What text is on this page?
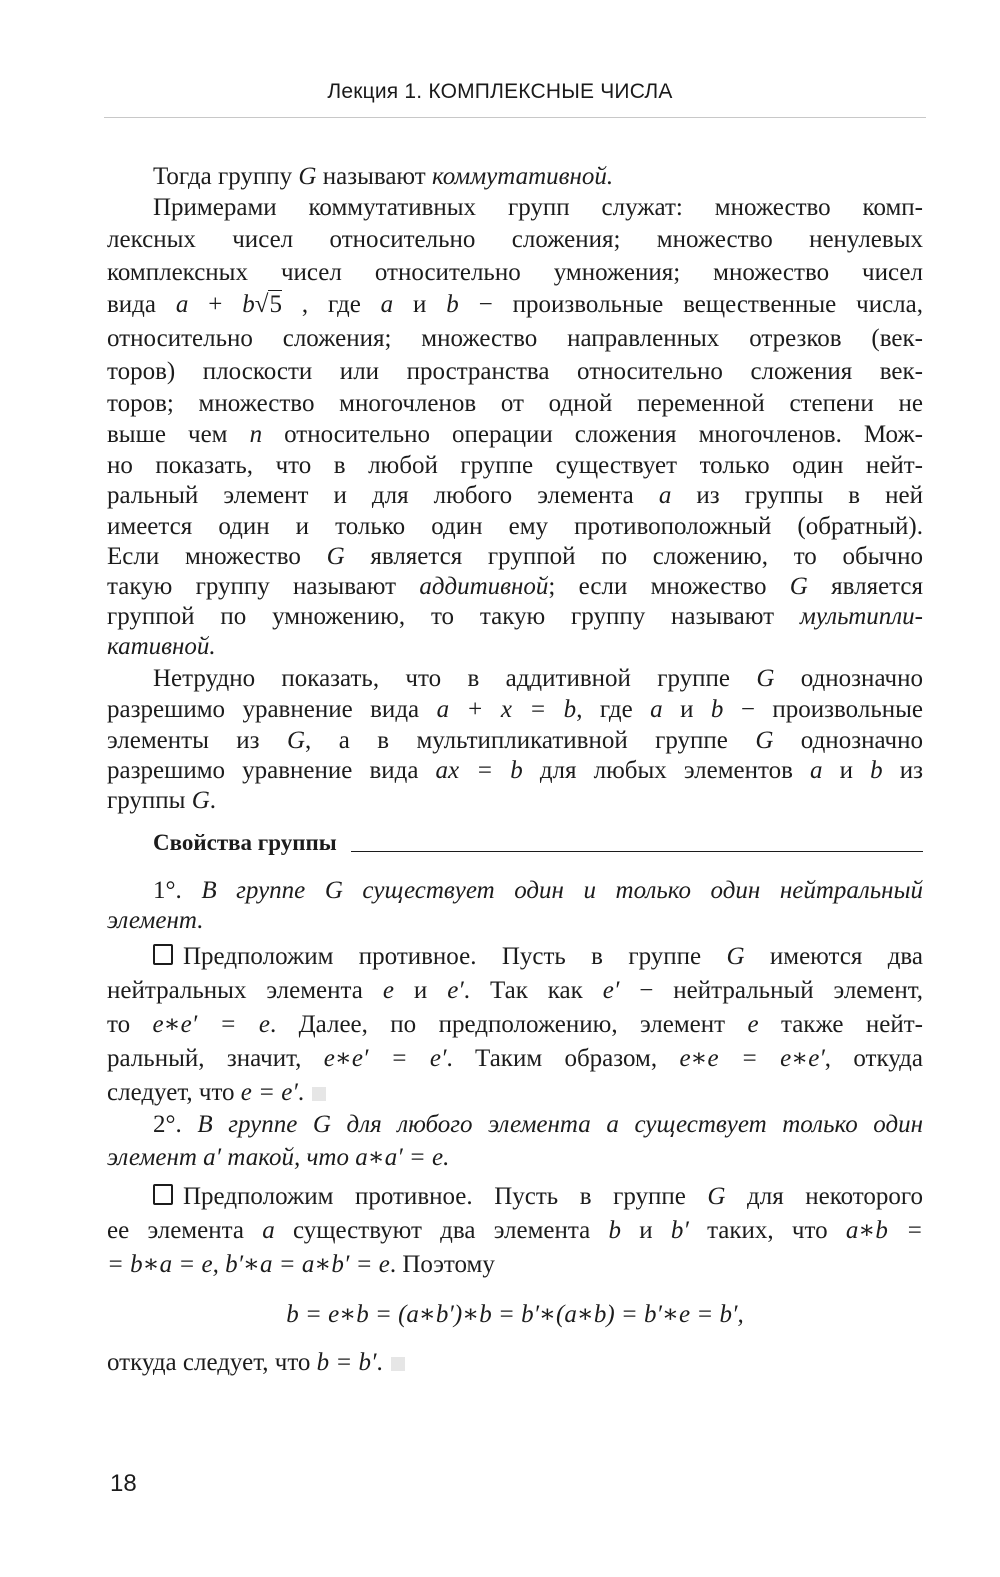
Лекция 1. КОМПЛЕКСНЫЕ ЧИСЛА
Тогда группу G называют коммутативной.
Примерами коммутативных групп служат: множество комп-
лексных чисел относительно сложения; множество ненулевых
комплексных чисел относительно умножения; множество чисел
вида a + b√5 , где a и b − произвольные вещественные числа,
относительно сложения; множество направленных отрезков (век-
торов) плоскости или пространства относительно сложения век-
торов; множество многочленов от одной переменной степени не
выше чем n относительно операции сложения многочленов. Мож-
но показать, что в любой группе существует только один нейт-
ральный элемент и для любого элемента a из группы в ней
имеется один и только один ему противоположный (обратный).
Если множество G является группой по сложению, то обычно
такую группу называют аддитивной; если множество G является
группой по умножению, то такую группу называют мультипли-
кативной.
Нетрудно показать, что в аддитивной группе G однозначно
разрешимо уравнение вида a + x = b, где a и b − произвольные
элементы из G, а в мультипликативной группе G однозначно
разрешимо уравнение вида ax = b для любых элементов a и b из
группы G.
Свойства группы
1°. В группе G существует один и только один нейтральный
элемент.
Предположим противное. Пусть в группе G имеются два
нейтральных элемента e и e′. Так как e′ − нейтральный элемент,
то e∗e′ = e. Далее, по предположению, элемент e также нейт-
ральный, значит, e∗e′ = e′. Таким образом, e∗e = e∗e′, откуда
следует, что e = e′.
2°. В группе G для любого элемента a существует только один
элемент a′ такой, что a∗a′ = e.
Предположим противное. Пусть в группе G для некоторого
ее элемента a существуют два элемента b и b′ таких, что a∗b =
= b∗a = e, b′∗a = a∗b′ = e. Поэтому
b = e∗b = (a∗b′)∗b = b′∗(a∗b) = b′∗e = b′,
откуда следует, что b = b′.
18
